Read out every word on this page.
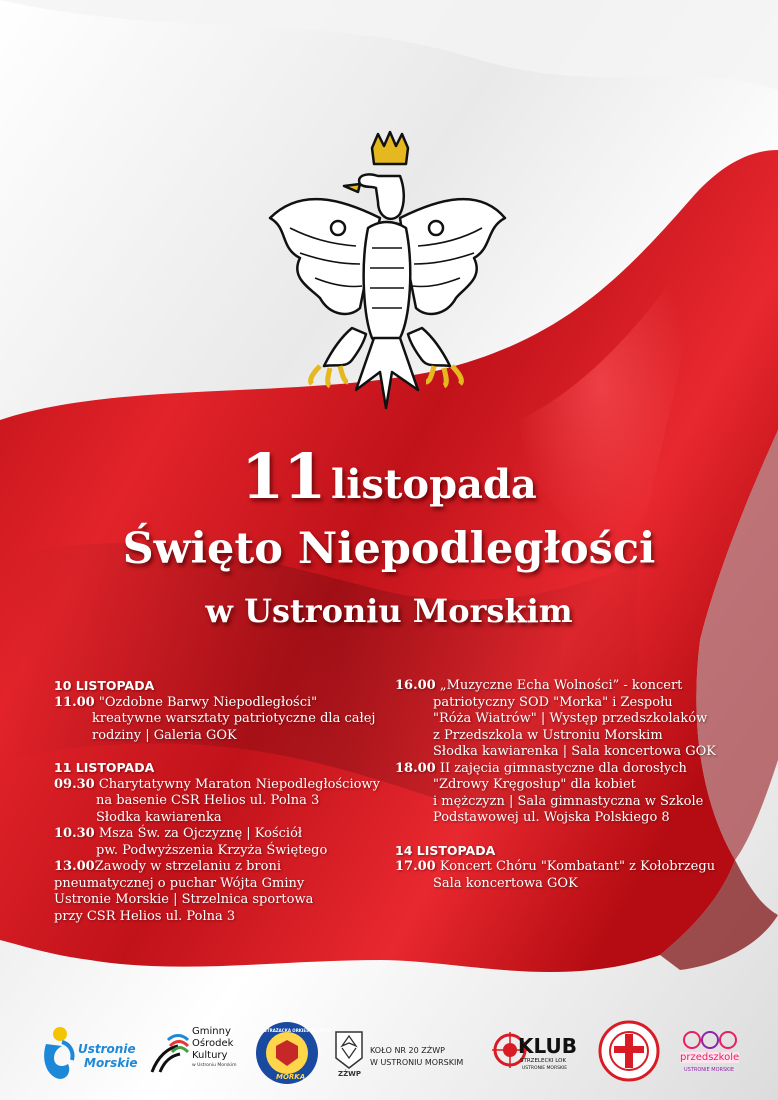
11 listopada
Święto Niepodległości
w Ustroniu Morskim
10 LISTOPADA
11.00 "Ozdobne Barwy Niepodległości"
kreatywne warsztaty patriotyczne dla całej
rodziny | Galeria GOK
11 LISTOPADA
09.30 Charytatywny Maraton Niepodległościowy
na basenie CSR Helios ul. Polna 3
Słodka kawiarenka
10.30 Msza Św. za Ojczyznę | Kościół
pw. Podwyższenia Krzyża Świętego
13.00Zawody w strzelaniu z broni
pneumatycznej o puchar Wójta Gminy
Ustronie Morskie | Strzelnica sportowa
przy CSR Helios ul. Polna 3
16.00 „Muzyczne Echa Wolności” - koncert
patriotyczny SOD "Morka" i Zespołu
"Róża Wiatrów" | Występ przedszkolaków
z Przedszkola w Ustroniu Morskim
Słodka kawiarenka | Sala koncertowa GOK
18.00 II zajęcia gimnastyczne dla dorosłych
"Zdrowy Kręgosłup" dla kobiet
i mężczyzn | Sala gimnastyczna w Szkole
Podstawowej ul. Wojska Polskiego 8
14 LISTOPADA
17.00 Koncert Chóru "Kombatant" z Kołobrzegu
Sala koncertowa GOK
Ustronie
Morskie
Gminny
Ośrodek
Kultury
w Ustroniu Morskim
STRAŻACKA ORKIESTRA DĘTA
MORKA	ZŻWP
KOŁO NR 20 ZŻWP
W USTRONIU MORSKIM
KLUB
STRZELECKI LOK
USTRONIE MORSKIE
przedszkole
USTRONIE MORSKIE
